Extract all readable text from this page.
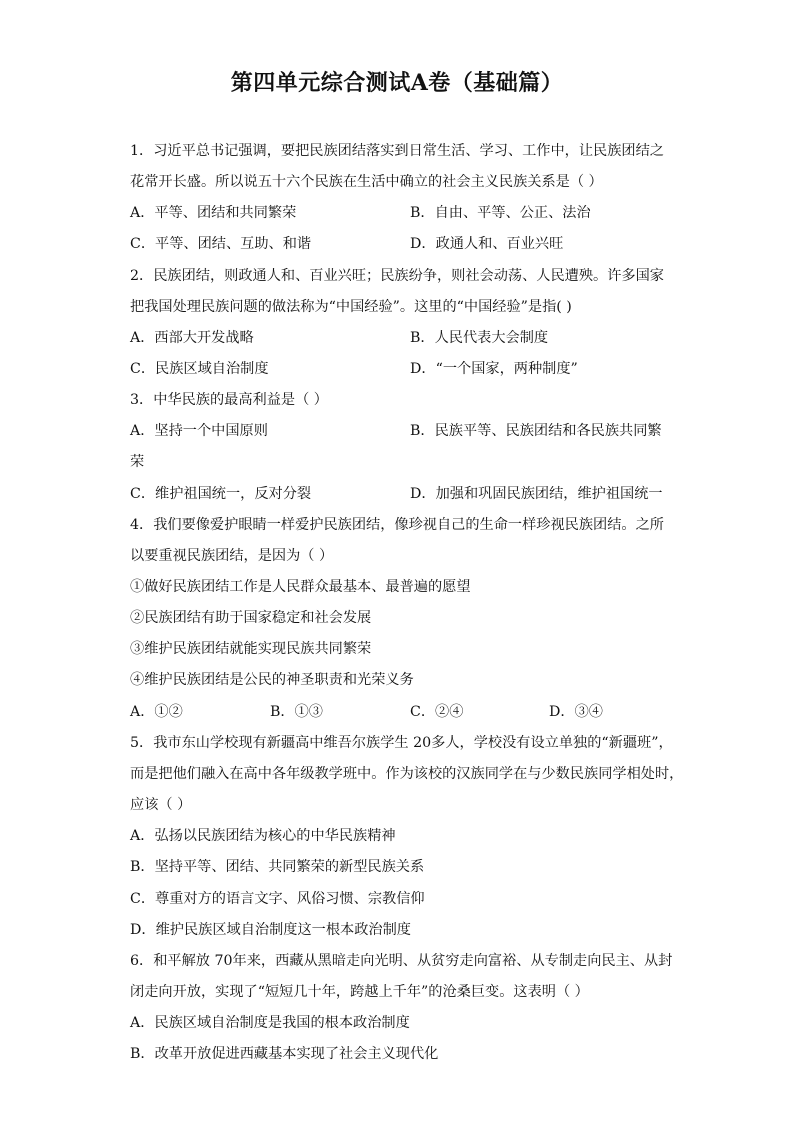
第四单元综合测试A卷（基础篇）
1．习近平总书记强调，要把民族团结落实到日常生活、学习、工作中，让民族团结之
花常开长盛。所以说五十六个民族在生活中确立的社会主义民族关系是（ ）
A．平等、团结和共同繁荣	B．自由、平等、公正、法治
C．平等、团结、互助、和谐	D．政通人和、百业兴旺
2．民族团结，则政通人和、百业兴旺；民族纷争，则社会动荡、人民遭殃。许多国家
把我国处理民族问题的做法称为“中国经验”。这里的“中国经验”是指( )
A．西部大开发战略	B．人民代表大会制度
C．民族区域自治制度	D．“一个国家，两种制度”
3．中华民族的最高利益是（ ）
A．坚持一个中国原则	B．民族平等、民族团结和各民族共同繁
荣
C．维护祖国统一，反对分裂	D．加强和巩固民族团结，维护祖国统一
4．我们要像爱护眼睛一样爱护民族团结，像珍视自己的生命一样珍视民族团结。之所
以要重视民族团结，是因为（ ）
①做好民族团结工作是人民群众最基本、最普遍的愿望
②民族团结有助于国家稳定和社会发展
③维护民族团结就能实现民族共同繁荣
④维护民族团结是公民的神圣职责和光荣义务
A．①②	B．①③	C．②④	D．③④
5．我市东山学校现有新疆高中维吾尔族学生 20多人，学校没有设立单独的“新疆班”，
而是把他们融入在高中各年级教学班中。作为该校的汉族同学在与少数民族同学相处时，
应该（ ）
A．弘扬以民族团结为核心的中华民族精神
B．坚持平等、团结、共同繁荣的新型民族关系
C．尊重对方的语言文字、风俗习惯、宗教信仰
D．维护民族区域自治制度这一根本政治制度
6．和平解放 70年来，西藏从黑暗走向光明、从贫穷走向富裕、从专制走向民主、从封
闭走向开放，实现了“短短几十年，跨越上千年”的沧桑巨变。这表明（ ）
A．民族区域自治制度是我国的根本政治制度
B．改革开放促进西藏基本实现了社会主义现代化
